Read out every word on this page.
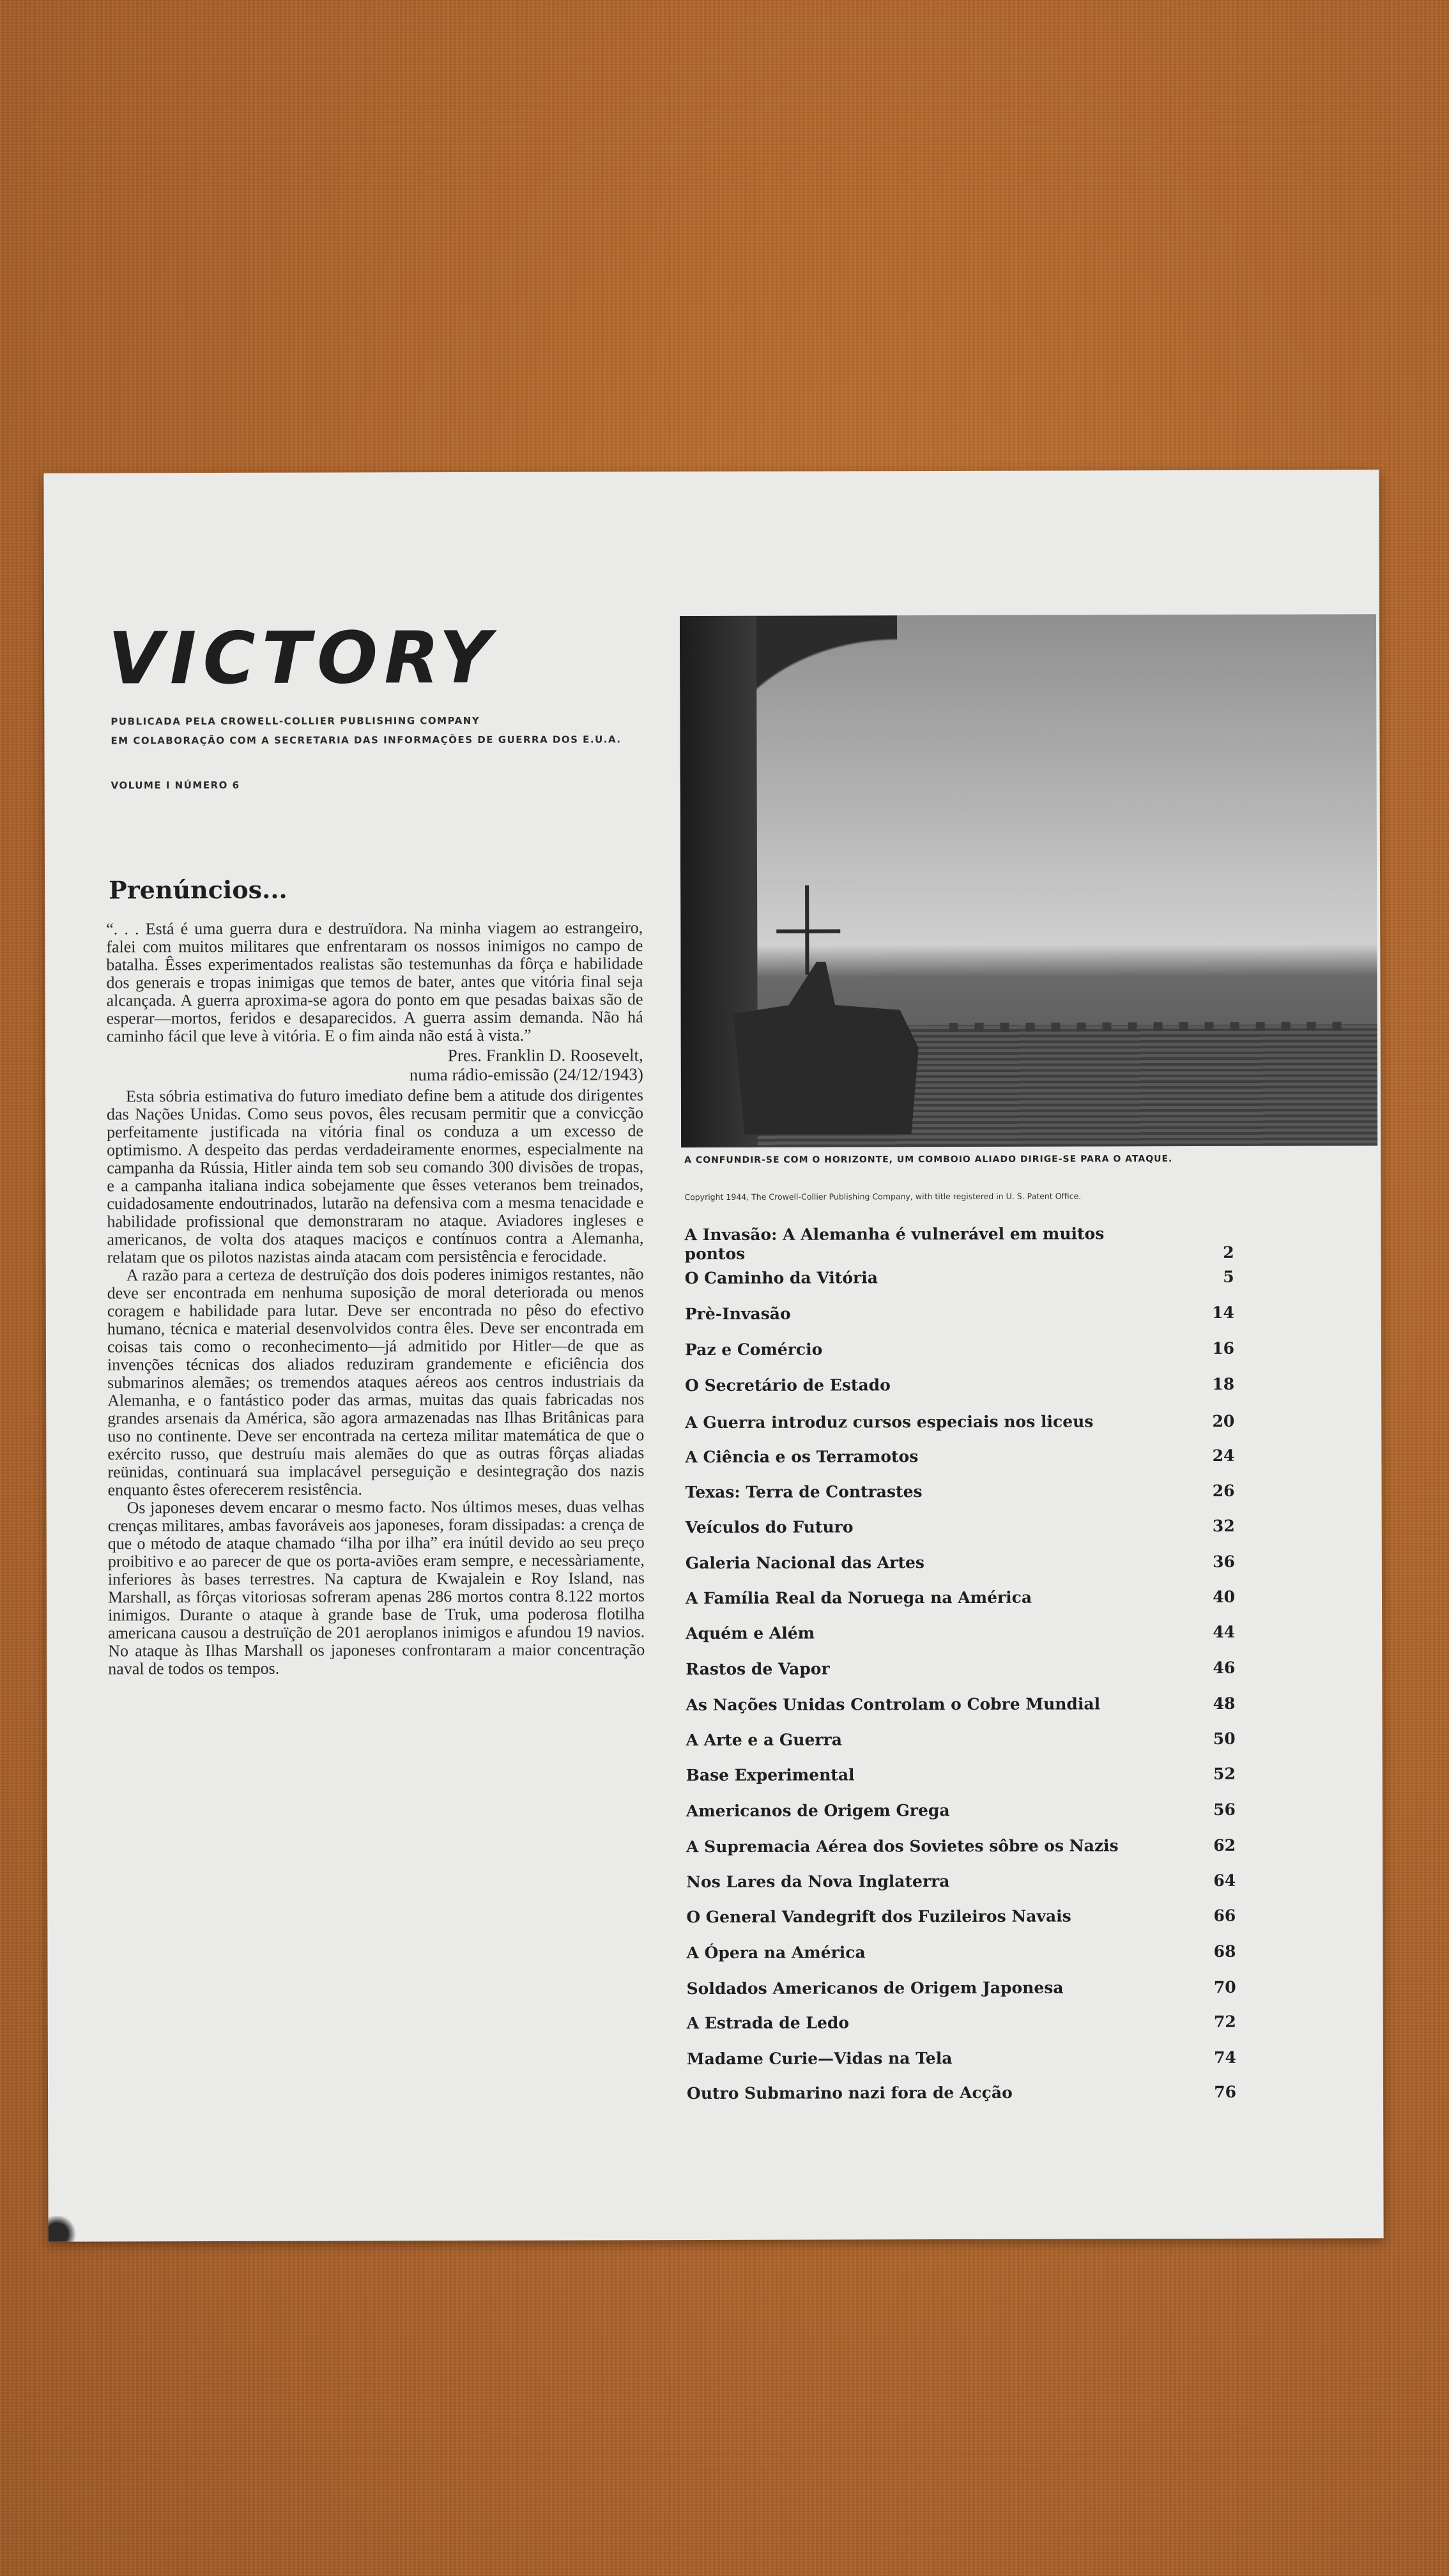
VICTORY
PUBLICADA PELA CROWELL-COLLIER PUBLISHING COMPANY
EM COLABORAÇÃO COM A SECRETARIA DAS INFORMAÇÕES DE GUERRA DOS E.U.A.
VOLUME I NÚMERO 6
Prenúncios...

“. . . Está é uma guerra dura e destruïdora. Na minha viagem ao estrangeiro, falei com muitos militares que enfrentaram os nossos inimigos no campo de batalha. Êsses experimentados realistas são testemunhas da fôrça e habilidade dos generais e tropas inimigas que temos de bater, antes que vitória final seja alcançada. A guerra aproxima-se agora do ponto em que pesadas baixas são de esperar—mortos, feridos e desaparecidos. A guerra assim demanda. Não há caminho fácil que leve à vitória. E o fim ainda não está à vista.”

Pres. Franklin D. Roosevelt,
numa rádio-emissão (24/12/1943)

Esta sóbria estimativa do futuro imediato define bem a atitude dos dirigentes das Nações Unidas. Como seus povos, êles recusam permitir que a convicção perfeitamente justificada na vitória final os conduza a um excesso de optimismo. A despeito das perdas verdadeiramente enormes, especialmente na campanha da Rússia, Hitler ainda tem sob seu comando 300 divisões de tropas, e a campanha italiana indica sobejamente que êsses veteranos bem treinados, cuidadosamente endoutrinados, lutarão na defensiva com a mesma tenacidade e habilidade profissional que demonstraram no ataque. Aviadores ingleses e americanos, de volta dos ataques maciços e contínuos contra a Alemanha, relatam que os pilotos nazistas ainda atacam com persistência e ferocidade.

A razão para a certeza de destruïção dos dois poderes inimigos restantes, não deve ser encontrada em nenhuma suposição de moral deteriorada ou menos coragem e habilidade para lutar. Deve ser encontrada no pêso do efectivo humano, técnica e material desenvolvidos contra êles. Deve ser encontrada em coisas tais como o reconhecimento—já admitido por Hitler—de que as invenções técnicas dos aliados reduziram grandemente e eficiência dos submarinos alemães; os tremendos ataques aéreos aos centros industriais da Alemanha, e o fantástico poder das armas, muitas das quais fabricadas nos grandes arsenais da América, são agora armazenadas nas Ilhas Britânicas para uso no continente. Deve ser encontrada na certeza militar matemática de que o exército russo, que destruíu mais alemães do que as outras fôrças aliadas reünidas, continuará sua implacável perseguição e desintegração dos nazis enquanto êstes oferecerem resistência.

Os japoneses devem encarar o mesmo facto. Nos últimos meses, duas velhas crenças militares, ambas favoráveis aos japoneses, foram dissipadas: a crença de que o método de ataque chamado “ilha por ilha” era inútil devido ao seu preço proibitivo e ao parecer de que os porta-aviões eram sempre, e necessàriamente, inferiores às bases terrestres. Na captura de Kwajalein e Roy Island, nas Marshall, as fôrças vitoriosas sofreram apenas 286 mortos contra 8.122 mortos inimigos. Durante o ataque à grande base de Truk, uma poderosa flotilha americana causou a destruïção de 201 aeroplanos inimigos e afundou 19 navios. No ataque às Ilhas Marshall os japoneses confrontaram a maior concentração naval de todos os tempos.

A CONFUNDIR-SE COM O HORIZONTE, UM COMBOIO ALIADO DIRIGE-SE PARA O ATAQUE.
Copyright 1944, The Crowell-Collier Publishing Company, with title registered in U. S. Patent Office.
A Invasão: A Alemanha é vulnerável em muitos pontos	2
O Caminho da Vitória	5
Prè-Invasão	14
Paz e Comércio	16
O Secretário de Estado	18
A Guerra introduz cursos especiais nos liceus	20
A Ciência e os Terramotos	24
Texas: Terra de Contrastes	26
Veículos do Futuro	32
Galeria Nacional das Artes	36
A Família Real da Noruega na América	40
Aquém e Além	44
Rastos de Vapor	46
As Nações Unidas Controlam o Cobre Mundial	48
A Arte e a Guerra	50
Base Experimental	52
Americanos de Origem Grega	56
A Supremacia Aérea dos Sovietes sôbre os Nazis	62
Nos Lares da Nova Inglaterra	64
O General Vandegrift dos Fuzileiros Navais	66
A Ópera na América	68
Soldados Americanos de Origem Japonesa	70
A Estrada de Ledo	72
Madame Curie—Vidas na Tela	74
Outro Submarino nazi fora de Acção	76
